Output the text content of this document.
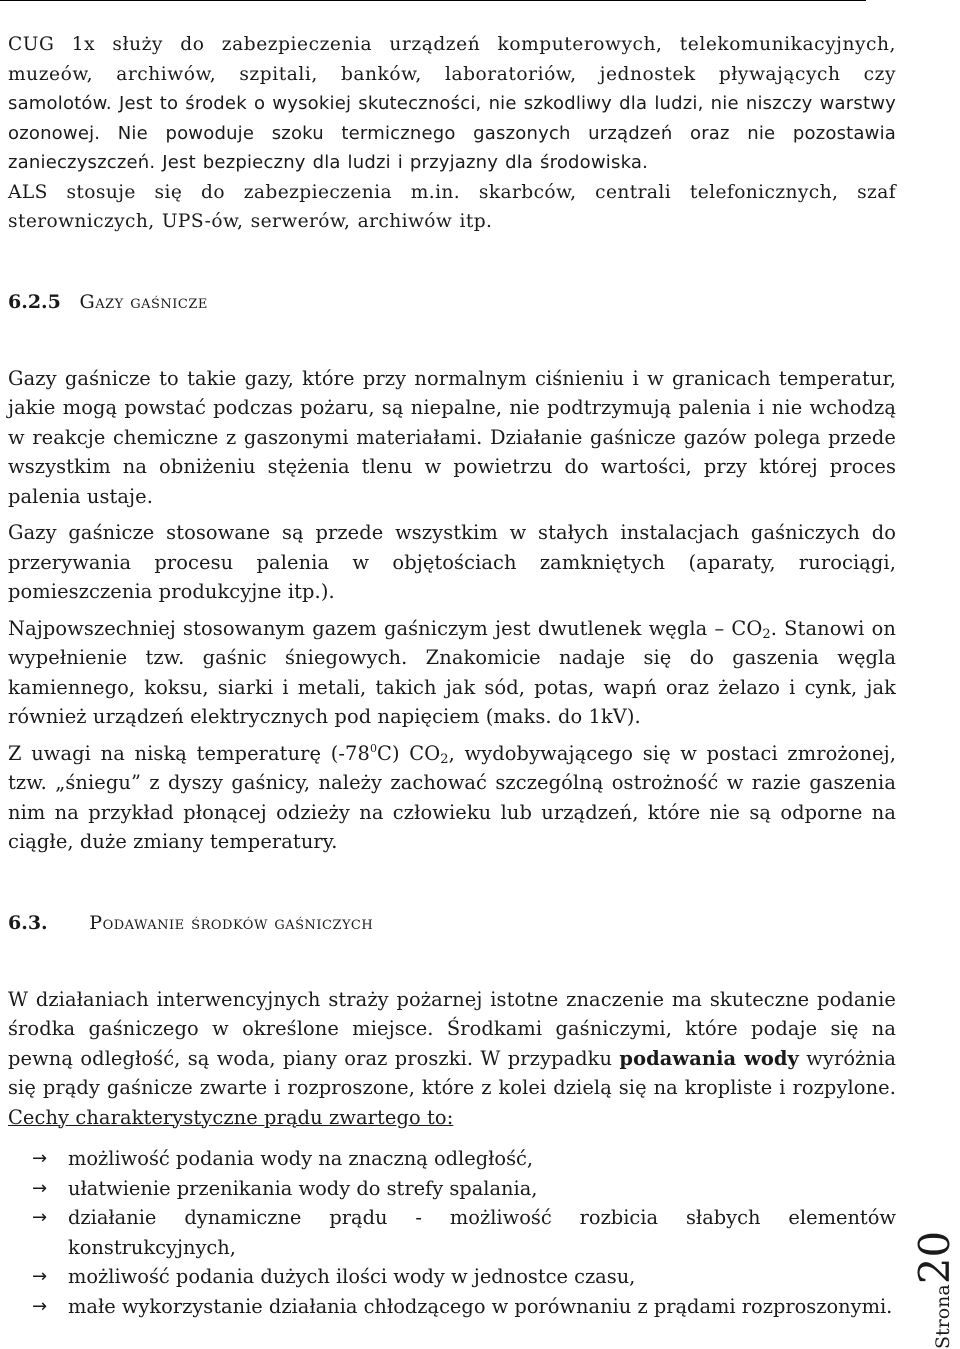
CUG 1x służy do zabezpieczenia urządzeń komputerowych, telekomunikacyjnych, muzeów, archiwów, szpitali, banków, laboratoriów, jednostek pływających czy samolotów. Jest to środek o wysokiej skuteczności, nie szkodliwy dla ludzi, nie niszczy warstwy ozonowej. Nie powoduje szoku termicznego gaszonych urządzeń oraz nie pozostawia zanieczyszczeń. Jest bezpieczny dla ludzi i przyjazny dla środowiska.

ALS stosuje się do zabezpieczenia m.in. skarbców, centrali telefonicznych, szaf sterowniczych, UPS-ów, serwerów, archiwów itp.

6.2.5 Gazy gaśnicze

Gazy gaśnicze to takie gazy, które przy normalnym ciśnieniu i w granicach temperatur, jakie mogą powstać podczas pożaru, są niepalne, nie podtrzymują palenia i nie wchodzą w reakcje chemiczne z gaszonymi materiałami. Działanie gaśnicze gazów polega przede wszystkim na obniżeniu stężenia tlenu w powietrzu do wartości, przy której proces palenia ustaje.

Gazy gaśnicze stosowane są przede wszystkim w stałych instalacjach gaśniczych do przerywania procesu palenia w objętościach zamkniętych (aparaty, rurociągi, pomieszczenia produkcyjne itp.).

Najpowszechniej stosowanym gazem gaśniczym jest dwutlenek węgla – $CO_2$. Stanowi on wypełnienie tzw. gaśnic śniegowych. Znakomicie nadaje się do gaszenia węgla kamiennego, koksu, siarki i metali, takich jak sód, potas, wapń oraz żelazo i cynk, jak również urządzeń elektrycznych pod napięciem (maks. do 1kV).

Z uwagi na niską temperaturę $(-78^0C)$ $CO_2$, wydobywającego się w postaci zmrożonej, tzw. „śniegu” z dyszy gaśnicy, należy zachować szczególną ostrożność w razie gaszenia nim na przykład płonącej odzieży na człowieku lub urządzeń, które nie są odporne na ciągłe, duże zmiany temperatury.

6.3. Podawanie środków gaśniczych

W działaniach interwencyjnych straży pożarnej istotne znaczenie ma skuteczne podanie środka gaśniczego w określone miejsce. Środkami gaśniczymi, które podaje się na pewną odległość, są woda, piany oraz proszki. W przypadku podawania wody wyróżnia się prądy gaśnicze zwarte i rozproszone, które z kolei dzielą się na kropliste i rozpylone. Cechy charakterystyczne prądu zwartego to:

→ możliwość podania wody na znaczną odległość,
→ ułatwienie przenikania wody do strefy spalania,
→ działanie dynamiczne prądu - możliwość rozbicia słabych elementów konstrukcyjnych,
→ możliwość podania dużych ilości wody w jednostce czasu,
→ małe wykorzystanie działania chłodzącego w porównaniu z prądami rozproszonymi.	Strona20
